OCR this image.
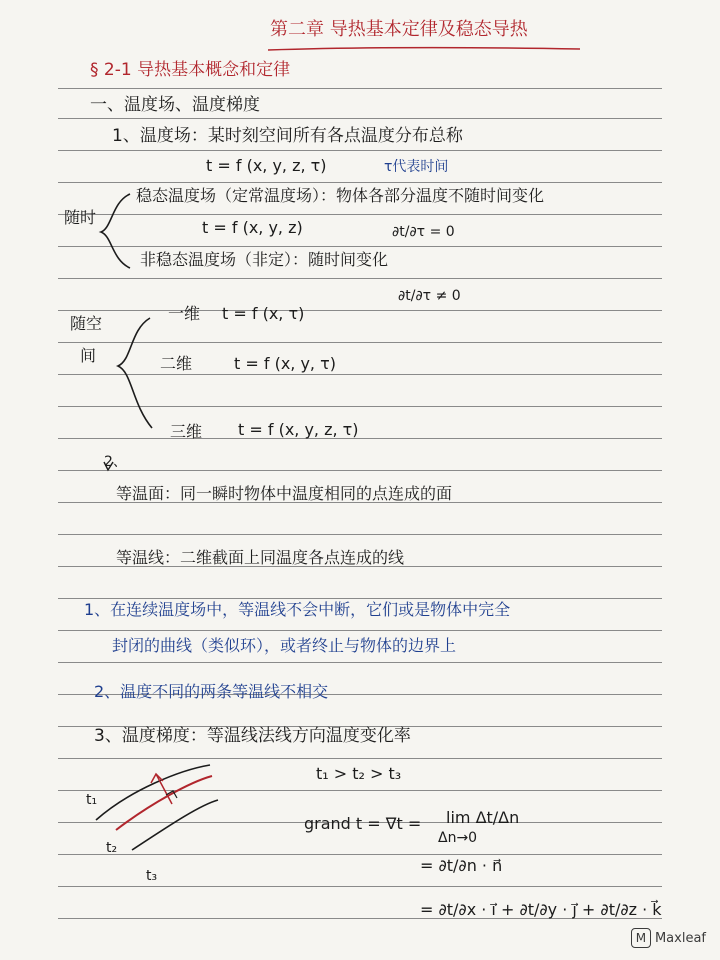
第二章 导热基本定律及稳态导热
§ 2-1 导热基本概念和定律
一、温度场、温度梯度
1、温度场：某时刻空间所有各点温度分布总称
t = f (x, y, z, τ)	τ代表时间
随时
稳态温度场（定常温度场）：物体各部分温度不随时间变化
t = f (x, y, z)	∂t/∂τ = 0
非稳态温度场（非定）：随时间变化
∂t/∂τ ≠ 0
随空
间
一维 t = f (x, τ)
二维	t = f (x, y, τ)
三维 t = f (x, y, z, τ)
2、
等温面：同一瞬时物体中温度相同的点连成的面
等温线：二维截面上同温度各点连成的线
1、在连续温度场中，等温线不会中断，它们或是物体中完全
封闭的曲线（类似环），或者终止与物体的边界上
2、温度不同的两条等温线不相交
3、温度梯度：等温线法线方向温度变化率
t₁ > t₂ > t₃
t₁
t₂
t₃
grand t = ∇t = lim Δt/Δn
Δn→0
= ∂t/∂n · n⃗
= ∂t/∂x · i⃗ + ∂t/∂y · j⃗ + ∂t/∂z · k⃗
M Maxleaf
